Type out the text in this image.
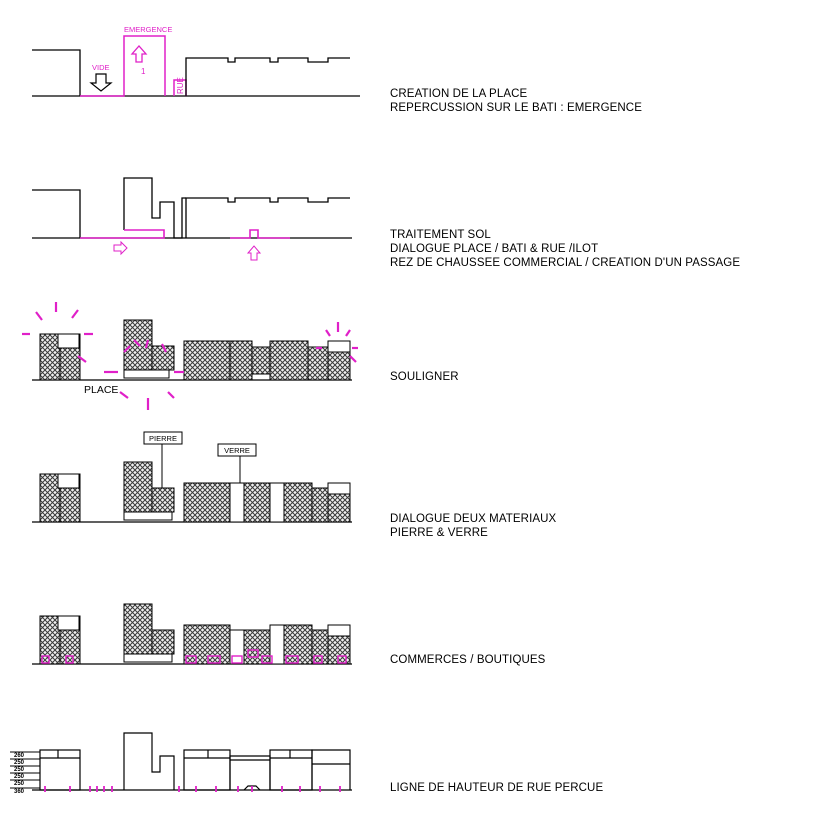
EMERGENCE
VIDE	1
RUE
PLACE
PIERRE
VERRE
260
250
250
250
250
360
CREATION DE LA PLACE
REPERCUSSION SUR LE BATI : EMERGENCE
TRAITEMENT SOL
DIALOGUE PLACE / BATI & RUE /ILOT
REZ DE CHAUSSEE COMMERCIAL / CREATION D'UN PASSAGE
SOULIGNER
DIALOGUE DEUX MATERIAUX
PIERRE & VERRE
COMMERCES / BOUTIQUES
LIGNE DE HAUTEUR DE RUE PERCUE
